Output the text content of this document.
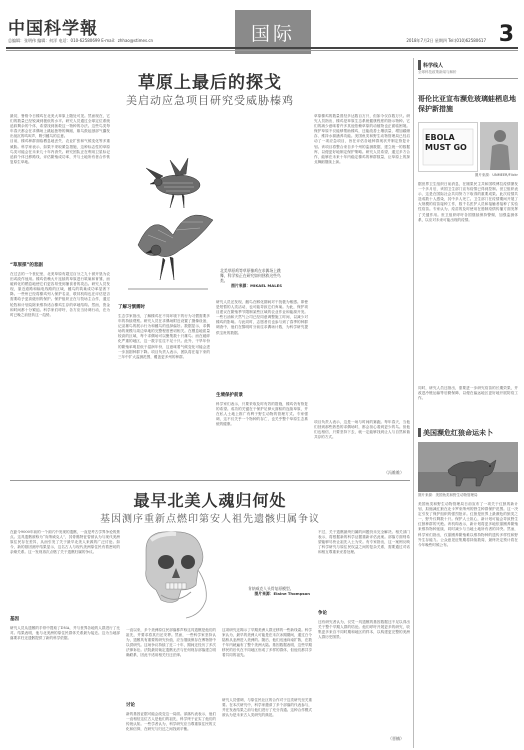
中国科学報
总编辑：张明伟 编辑：何洋 电话：010-62580699 E-mail：zhhao@stimes.cn	国际	2018年7月2日 星期四 Tel:(010)62580617 3
草原上最后的探戈
美启动应急项目研究受威胁榛鸡
最初，鲁格今日榛鸡在北美大草原上随处可见。然而现在，它们的数量已经锐减到极低的水平。研究人员通过全球定位系统追踪剩余的个体，希望找到拯救这一物种的办法。这些鸟类每年春天都会在求偶场上跳起独特的舞蹈，雄鸟鼓起颈部气囊发出低沉的鸣叫声，吸引雌鸟的注意。
目前，榛鸡种群面临栖息地丧失、农业扩张和气候变化等多重威胁。科学家表示，如果不采取紧急措施，这种标志性的草原鸟类可能会在未来几十年内消失。研究团队正在利用卫星标记追踪个体迁移路线，评估繁殖成功率，并与土地所有者合作恢复原生草地。
“草原探”的悲剧
在过去的一个世纪里，北美草原有超过百分之九十被开垦为农田或改作他用。榛鸡依赖大片连续的草原进行筑巢和育雏，而破碎化的栖息地使它们更容易受到捕食者的攻击。研究人员发现，靠近道路和输电线路的区域，雌鸟的筑巢成功率显著下降。一些州已经将榛鸡列入保护名录，联邦机构也在评估是否需要给予更高级别的保护。保护组织正在与牧场主合作，通过轮牧和计划烧除来维持适合榛鸡生存的草地结构。然而，资金和时间都十分紧迫。科学家们呼吁，各方应当协调行动，在为时已晚之前扭转这一趋势。
北美草原鸡等草原榛鸡在求偶场上跳舞，科学家正在研究如何拯救这些鸟类。
图片来源：MIKAEL MALES
了解习惯需时
生态学家指出，了解榛鸡在不同环境下的行为习惯需要多年的持续观察。研究人员在求偶场附近设置了摄像设备，记录雄鸟的展示行为和雌鸟的选择偏好。数据显示，求偶场的规模与周边草地的完整程度密切相关。在栖息地质量较高的区域，每个求偶场可以聚集数十只雄鸟；而在破碎化严重的地区，这一数字往往不足十只。此外，干旱年份的繁殖率明显低于湿润年份，这意味着气候变化可能会进一步加剧种群下降。项目负责人表示，团队将在接下来的三年中扩大监测范围，覆盖更多州的种群。
研究人员还发现，雌鸟在孵化期间对干扰极为敏感。即使是短暂的人类活动，也可能导致它们弃巢。为此，保护项目建议在繁殖季节限制某些区域的农业作业和能源开发。一些石油和天然气公司已经同意调整施工时间，以减少对榛鸡的影响。与此同时，志愿者们也参与到了春季的种群调查中，他们在黎明时分前往求偶场计数，为科学研究提供宝贵的数据。
生境保护前景
科学家们表示，只要采取及时有效的措施，榛鸡仍有恢复的希望。成功的关键在于保护足够大面积的连续草原，并在私人土地上推广有利于野生动物的管理方式。专家强调，这不仅关乎一个物种的存亡，也关乎整个草原生态系统的健康。
草原榛鸡的数量曾经多达数百万只，但如今仅存数万只。研究人员指出，榛鸡是草原生态系统健康程度的指示物种。它们的减少意味着许多其他依赖草原的动植物也正面临困境。保护草原不仅能够帮助榛鸡，还能改善土壤质量、增加碳储存、维持水源涵养功能。美国鱼类和野生动物管理局已经启动了一项应急项目，旨在评估各地种群现状并制定恢复计划。该项目将整合来自多个州的监测数据，建立统一的数据库，以便更好地制定保护策略。研究人员希望，通过多方合作，能够在未来十年内稳定榛鸡的种群数量，让草原上的探戈舞蹈继续上演。
项目负责人表示，这是一场与时间的赛跑。每年春天，当他们回到那些熟悉的求偶场时，都会担心看到更少的鸟。但他们也相信，只要坚持下去，就一定能够找到让人与自然和谐共存的方式。
（冯维维）
最早北美人魂归何处
基因测序重新点燃印第安人祖先遗骸归属争议
在距今9000年前的一个洞穴中发现的遗骸，一直是考古学界争论的焦点。这具遗骸被称为“肯纳威克人”，其骨骼特征曾被认为与现代美洲原住民存在差异，从而引发了关于最早北美人来源的广泛讨论。如今，新的基因测序结果显示，这名古人与现代美洲原住民有着密切的亲缘关系。这一发现再次点燃了关于遗骸归属的争议。
基因
研究人员从遗骸的手骨中提取了DNA，并与世界各地的人群进行了比对。结果表明，他与北美洲的原住民群体关系最为接近。这为当地部落要求归还遗骸提供了新的科学依据。
肯纳威克人头骨复原模型。
图片来源：Elaine Thompson
一直以来，多个美洲原住民部落都声称这具遗骸是他们的祖先，并要求将其归还安葬。然而，一些科学家坚持认为，遗骸具有重要的研究价值，应当继续保存在博物馆中以供研究。这场争议持续了近二十年，期间还经历了多次法律诉讼。法院最初裁定遗骸无法与任何现存部落建立明确联系，因此不适用相关归还法律。
讨论
新的基因证据可能会改变这一局面。部落代表表示，他们一直相信这位古人是他们的祖先，科学终于证实了他们的传统认知。一些学者认为，科学研究应当尊重原住民的文化和信仰，在研究与归还之间找到平衡。
这项研究还揭示了早期美洲人群迁移的一些新线索。科学家认为，最早的美洲人可能是在末次冰期期间，通过白令陆桥从亚洲进入美洲的。随后，他们迅速向南扩散，在数千年内就遍布了整个美洲大陆。基因数据表明，这些早期移民的后代在不同地区形成了多样的群体，但他们都共享着共同的祖先。
研究人员强调，与原住民社区的合作对于这类研究至关重要。在本次研究中，科学家邀请了多个部落的代表参与，并在发表结果之前与他们进行了充分沟通。这种合作模式被认为是未来古人类研究的典范。
不过，关于遗骸最终归属的问题仍未完全解决。相关部门表示，将根据新的科学证据重新评估此案。部落方面则希望能够尽快让祖先入土为安。有专家指出，这一案例反映了科学研究与原住民权益之间的复杂关系，需要通过对话和相互尊重来妥善处理。
争论
还有研究者认为，仅凭一具遗骸的基因数据还不足以得出关于整个早期人群的结论。他们呼吁开展更多的研究，收集更多来自不同时期和地区的样本，以构建更完整的美洲人群历史图景。
（晋楠）
科学线人
全球科技政策新闻与解析
哥伦比亚宣布濒危玻璃蛙栖息地保护新措施
EBOLA MUST GO
图片来源：UNMEER/Flickr
据世界卫生组织日前消息，在刚果民主共和国埃博拉疫情暴发一个多月后，该国卫生部门宣布疫情已得到控制。世卫组织表示，这是在国际社会共同努力下取得的重要成果。此次疫情共造成数十人感染，其中多人死亡。卫生部门在疫情期间开展了大规模的疫苗接种工作，数千名医护人员和接触者接种了实验性疫苗。专家认为，疫苗的及时使用在遏制疫情传播方面发挥了关键作用。世卫组织呼吁各国继续保持警惕，加强监测体系，以应对未来可能出现的疫情。
同时，研究人员还指出，需要进一步研究疫苗的长期效果，并改进冷链运输等后勤保障，以便在偏远地区更好地开展防疫工作。
美国濒危红狼命运未卜
图片来源：美国鱼类和野生动物管理局
美国鱼类和野生动物管理局日前宣布了一项关于红狼的新计划，拟缩减红狼在北卡罗来纳州的野生种群保护范围。这一决定引发了保护组织的强烈批评。红狼是世界上最濒危的狼类之一，野外仅剩数十只。保护人士担心，新计划可能会导致野生红狼种群的灭绝。该机构表示，新计划将更多地依靠圈养繁殖来维持物种延续，同时减少与当地土地所有者的冲突。然而，科学家们指出，仅靠圈养繁殖难以维持物种的遗传多样性和野外生存能力。公众意见征集期将持续数周，最终决定预计将在今年晚些时候公布。
